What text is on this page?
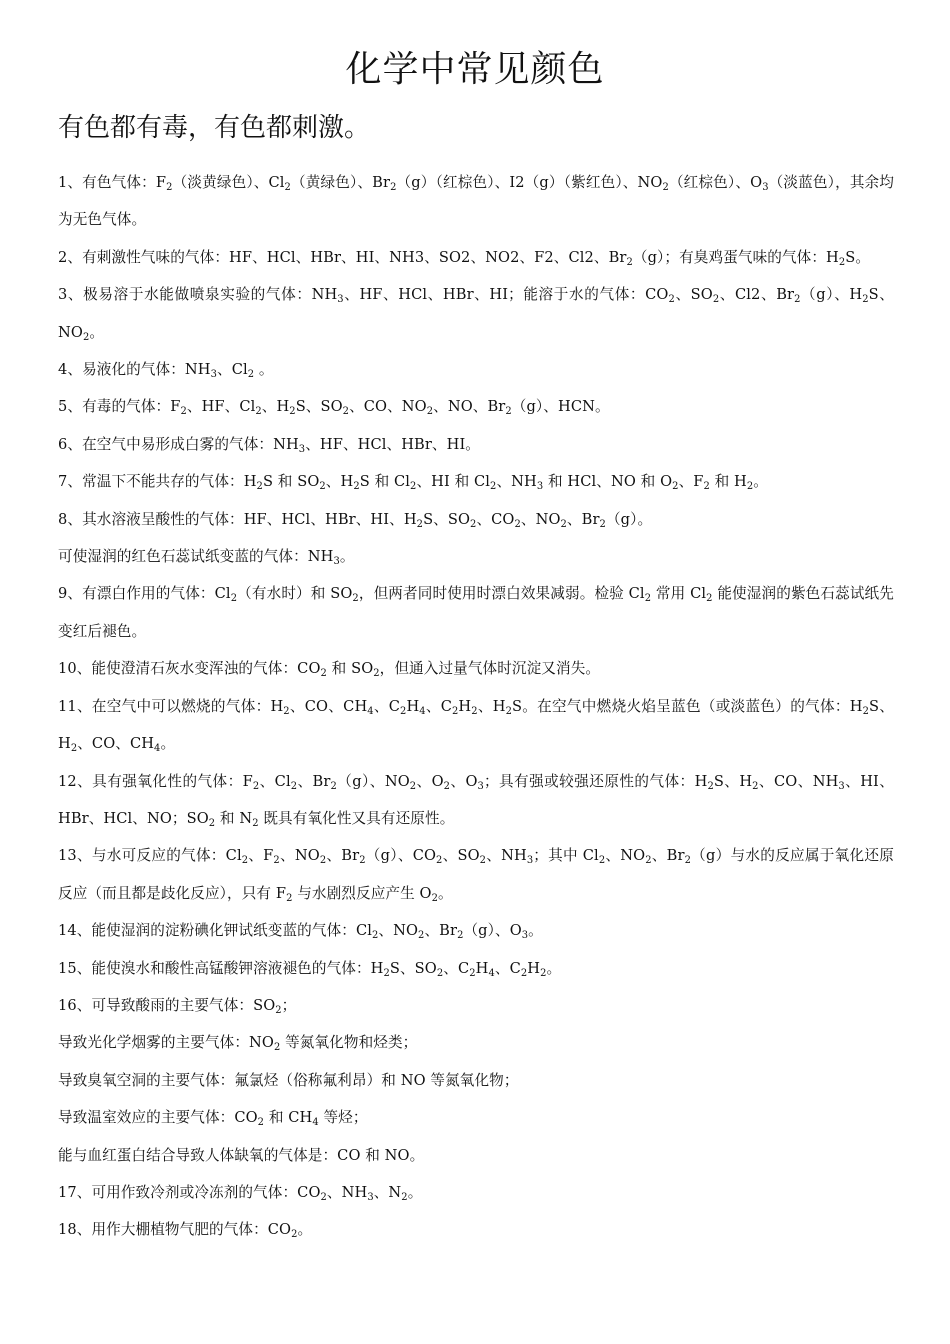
化学中常见颜色
有色都有毒，有色都刺激。

1、有色气体：$F_2$（淡黄绿色）、$Cl_2$（黄绿色）、$Br_2(g)$（红棕色）、I2（g）（紫红色）、$NO_2$（红棕色）、$O_3$（淡蓝色），其余均为无色气体。

2、有刺激性气味的气体：HF、HCl、HBr、HI、NH3、SO2、NO2、F2、Cl2、$Br_2(g)$；有臭鸡蛋气味的气体：$H_2S$。

3、极易溶于水能做喷泉实验的气体：$NH_3$、HF、HCl、HBr、HI；能溶于水的气体：$CO_2$、$SO_2$、Cl2、$Br_2(g)$、$H_2S$、$NO_2$。

4、易液化的气体：$NH_3$、$Cl_2$ 。

5、有毒的气体：$F_2$、HF、$Cl_2$、$H_2S$、$SO_2$、CO、$NO_2$、NO、$Br_2(g)$、HCN。

6、在空气中易形成白雾的气体：$NH_3$、HF、HCl、HBr、HI。

7、常温下不能共存的气体：$H_2S$ 和 $SO_2$、$H_2S$ 和 $Cl_2$、HI 和 $Cl_2$、$NH_3$ 和 HCl、NO 和 $O_2$、$F_2$ 和 $H_2$。

8、其水溶液呈酸性的气体：HF、HCl、HBr、HI、$H_2S$、$SO_2$、$CO_2$、$NO_2$、$Br_2(g)$。

可使湿润的红色石蕊试纸变蓝的气体：$NH_3$。

9、有漂白作用的气体：$Cl_2$（有水时）和 $SO_2$，但两者同时使用时漂白效果减弱。检验 $Cl_2$ 常用 $Cl_2$ 能使湿润的紫色石蕊试纸先变红后褪色。

10、能使澄清石灰水变浑浊的气体：$CO_2$ 和 $SO_2$，但通入过量气体时沉淀又消失。

11、在空气中可以燃烧的气体：$H_2$、CO、$CH_4$、$C_2H_4$、$C_2H_2$、$H_2S$。在空气中燃烧火焰呈蓝色（或淡蓝色）的气体：$H_2S$、$H_2$、CO、$CH_4$。

12、具有强氧化性的气体：$F_2$、$Cl_2$、$Br_2(g)$、$NO_2$、$O_2$、$O_3$；具有强或较强还原性的气体：$H_2S$、$H_2$、CO、$NH_3$、HI、HBr、HCl、NO；$SO_2$ 和 $N_2$ 既具有氧化性又具有还原性。

13、与水可反应的气体：$Cl_2$、$F_2$、$NO_2$、$Br_2(g)$、$CO_2$、$SO_2$、$NH_3$；其中 $Cl_2$、$NO_2$、$Br_2(g)$与水的反应属于氧化还原反应（而且都是歧化反应），只有 $F_2$ 与水剧烈反应产生 $O_2$。

14、能使湿润的淀粉碘化钾试纸变蓝的气体：$Cl_2$、$NO_2$、$Br_2(g)$、$O_3$。

15、能使溴水和酸性高锰酸钾溶液褪色的气体：$H_2S$、$SO_2$、$C_2H_4$、$C_2H_2$。

16、可导致酸雨的主要气体：$SO_2$；

导致光化学烟雾的主要气体：$NO_2$ 等氮氧化物和烃类；

导致臭氧空洞的主要气体：氟氯烃（俗称氟利昂）和 NO 等氮氧化物；

导致温室效应的主要气体：$CO_2$ 和 $CH_4$ 等烃；

能与血红蛋白结合导致人体缺氧的气体是：CO 和 NO。

17、可用作致冷剂或冷冻剂的气体：$CO_2$、$NH_3$、$N_2$。

18、用作大棚植物气肥的气体：$CO_2$。
